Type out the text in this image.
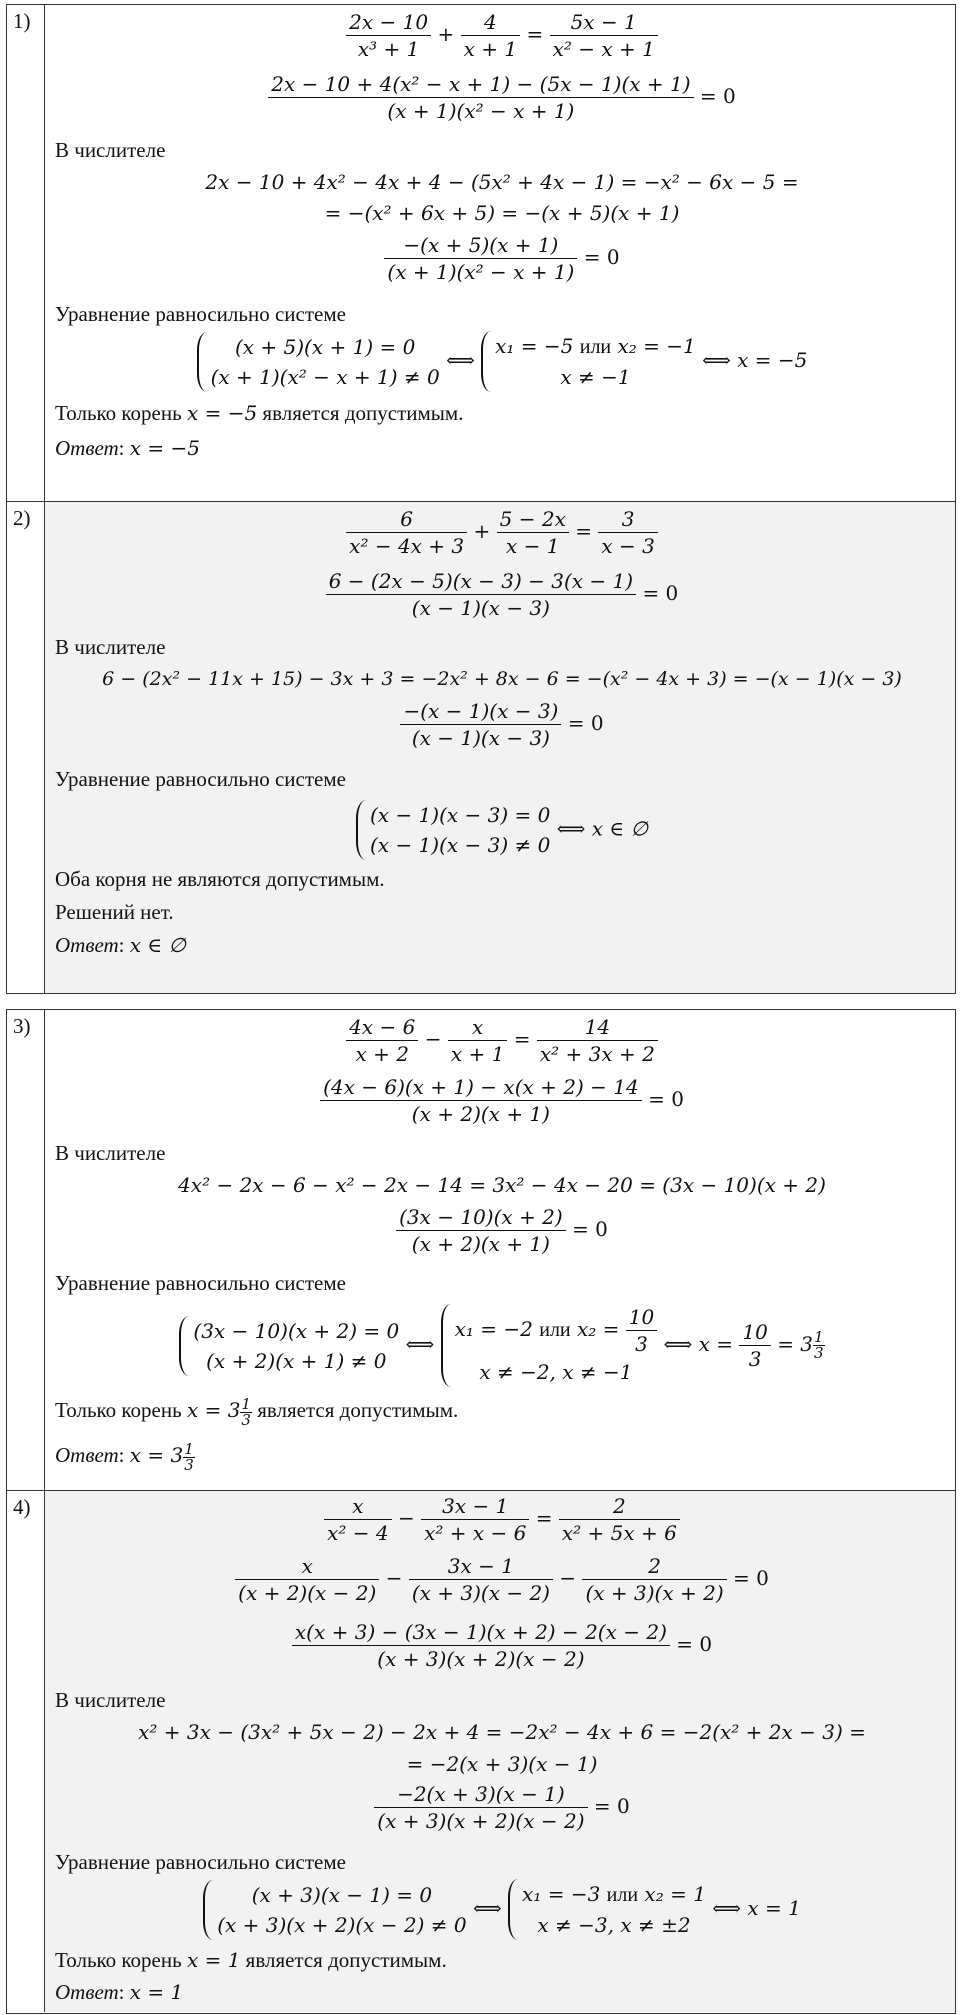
1)	$\frac{2x - 10}{\text{x³ + 1}} + \frac{4}{x + 1} = \frac{5x - 1}{\text{x² − x + 1}}$
$\frac{\text{2x − 10 + 4(x² − x + 1) − (5x − 1)(x + 1)}}{\text{(x + 1)(x² − x + 1)}} = 0$
В числителе
2x − 10 + 4x² − 4x + 4 − (5x² + 4x − 1) = −x² − 6x − 5 =
= −(x² + 6x + 5) = −(x + 5)(x + 1)
$\frac{-(x + 5)(x + 1)}{\text{(x + 1)(x² − x + 1)}} = 0$
Уравнение равносильно системе
(x + 5)(x + 1) = 0
(x + 1)(x² − x + 1) ≠ 0
⟺
x₁ = −5 или x₂ = −1
x ≠ −1
⟺ x = −5
Только корень x = −5 является допустимым.
Ответ: x = −5
2)	$\frac{6}{\text{x² − 4x + 3}} + \frac{5 - 2x}{x - 1} = \frac{3}{x - 3}$
$\frac{6 - (2x - 5)(x - 3) - 3(x - 1)}{(x - 1)(x - 3)} = 0$
В числителе
6 − (2x² − 11x + 15) − 3x + 3 = −2x² + 8x − 6 = −(x² − 4x + 3) = −(x − 1)(x − 3)
$\frac{-(x - 1)(x - 3)}{(x - 1)(x - 3)} = 0$
Уравнение равносильно системе
(x − 1)(x − 3) = 0
(x − 1)(x − 3) ≠ 0
⟺ x ∈ ∅
Оба корня не являются допустимым.
Решений нет.
Ответ: x ∈ ∅
3)	$\frac{4x - 6}{x + 2} - \frac{x}{x + 1} = \frac{14}{\text{x² + 3x + 2}}$
$\frac{(4x - 6)(x + 1) - x(x + 2) - 14}{(x + 2)(x + 1)} = 0$
В числителе
4x² − 2x − 6 − x² − 2x − 14 = 3x² − 4x − 20 = (3x − 10)(x + 2)
$\frac{(3x - 10)(x + 2)}{(x + 2)(x + 1)} = 0$
Уравнение равносильно системе
(3x − 10)(x + 2) = 0
(x + 2)(x + 1) ≠ 0
⟺
x₁ = −2 или $x_2 = \frac{10}{3}$
x ≠ −2, x ≠ −1
⟺ $x = \frac{10}{3} = 3 \frac{1}{3}$
Только корень $x = 3 \frac{1}{3}$ является допустимым.
Ответ: $x = 3 \frac{1}{3}$
4)	$\frac{x}{\text{x² − 4}} - \frac{3x - 1}{\text{x² + x − 6}} = \frac{2}{\text{x² + 5x + 6}}$
$\frac{x}{(x + 2)(x - 2)} - \frac{3x - 1}{(x + 3)(x - 2)} - \frac{2}{(x + 3)(x + 2)} = 0$
$\frac{x(x + 3) - (3x - 1)(x + 2) - 2(x - 2)}{(x + 3)(x + 2)(x - 2)} = 0$
В числителе
x² + 3x − (3x² + 5x − 2) − 2x + 4 = −2x² − 4x + 6 = −2(x² + 2x − 3) =
= −2(x + 3)(x − 1)
$\frac{-2(x + 3)(x - 1)}{(x + 3)(x + 2)(x - 2)} = 0$
Уравнение равносильно системе
(x + 3)(x − 1) = 0
(x + 3)(x + 2)(x − 2) ≠ 0
⟺
x₁ = −3 или x₂ = 1
x ≠ −3, x ≠ ±2
⟺ x = 1
Только корень x = 1 является допустимым.
Ответ: x = 1
